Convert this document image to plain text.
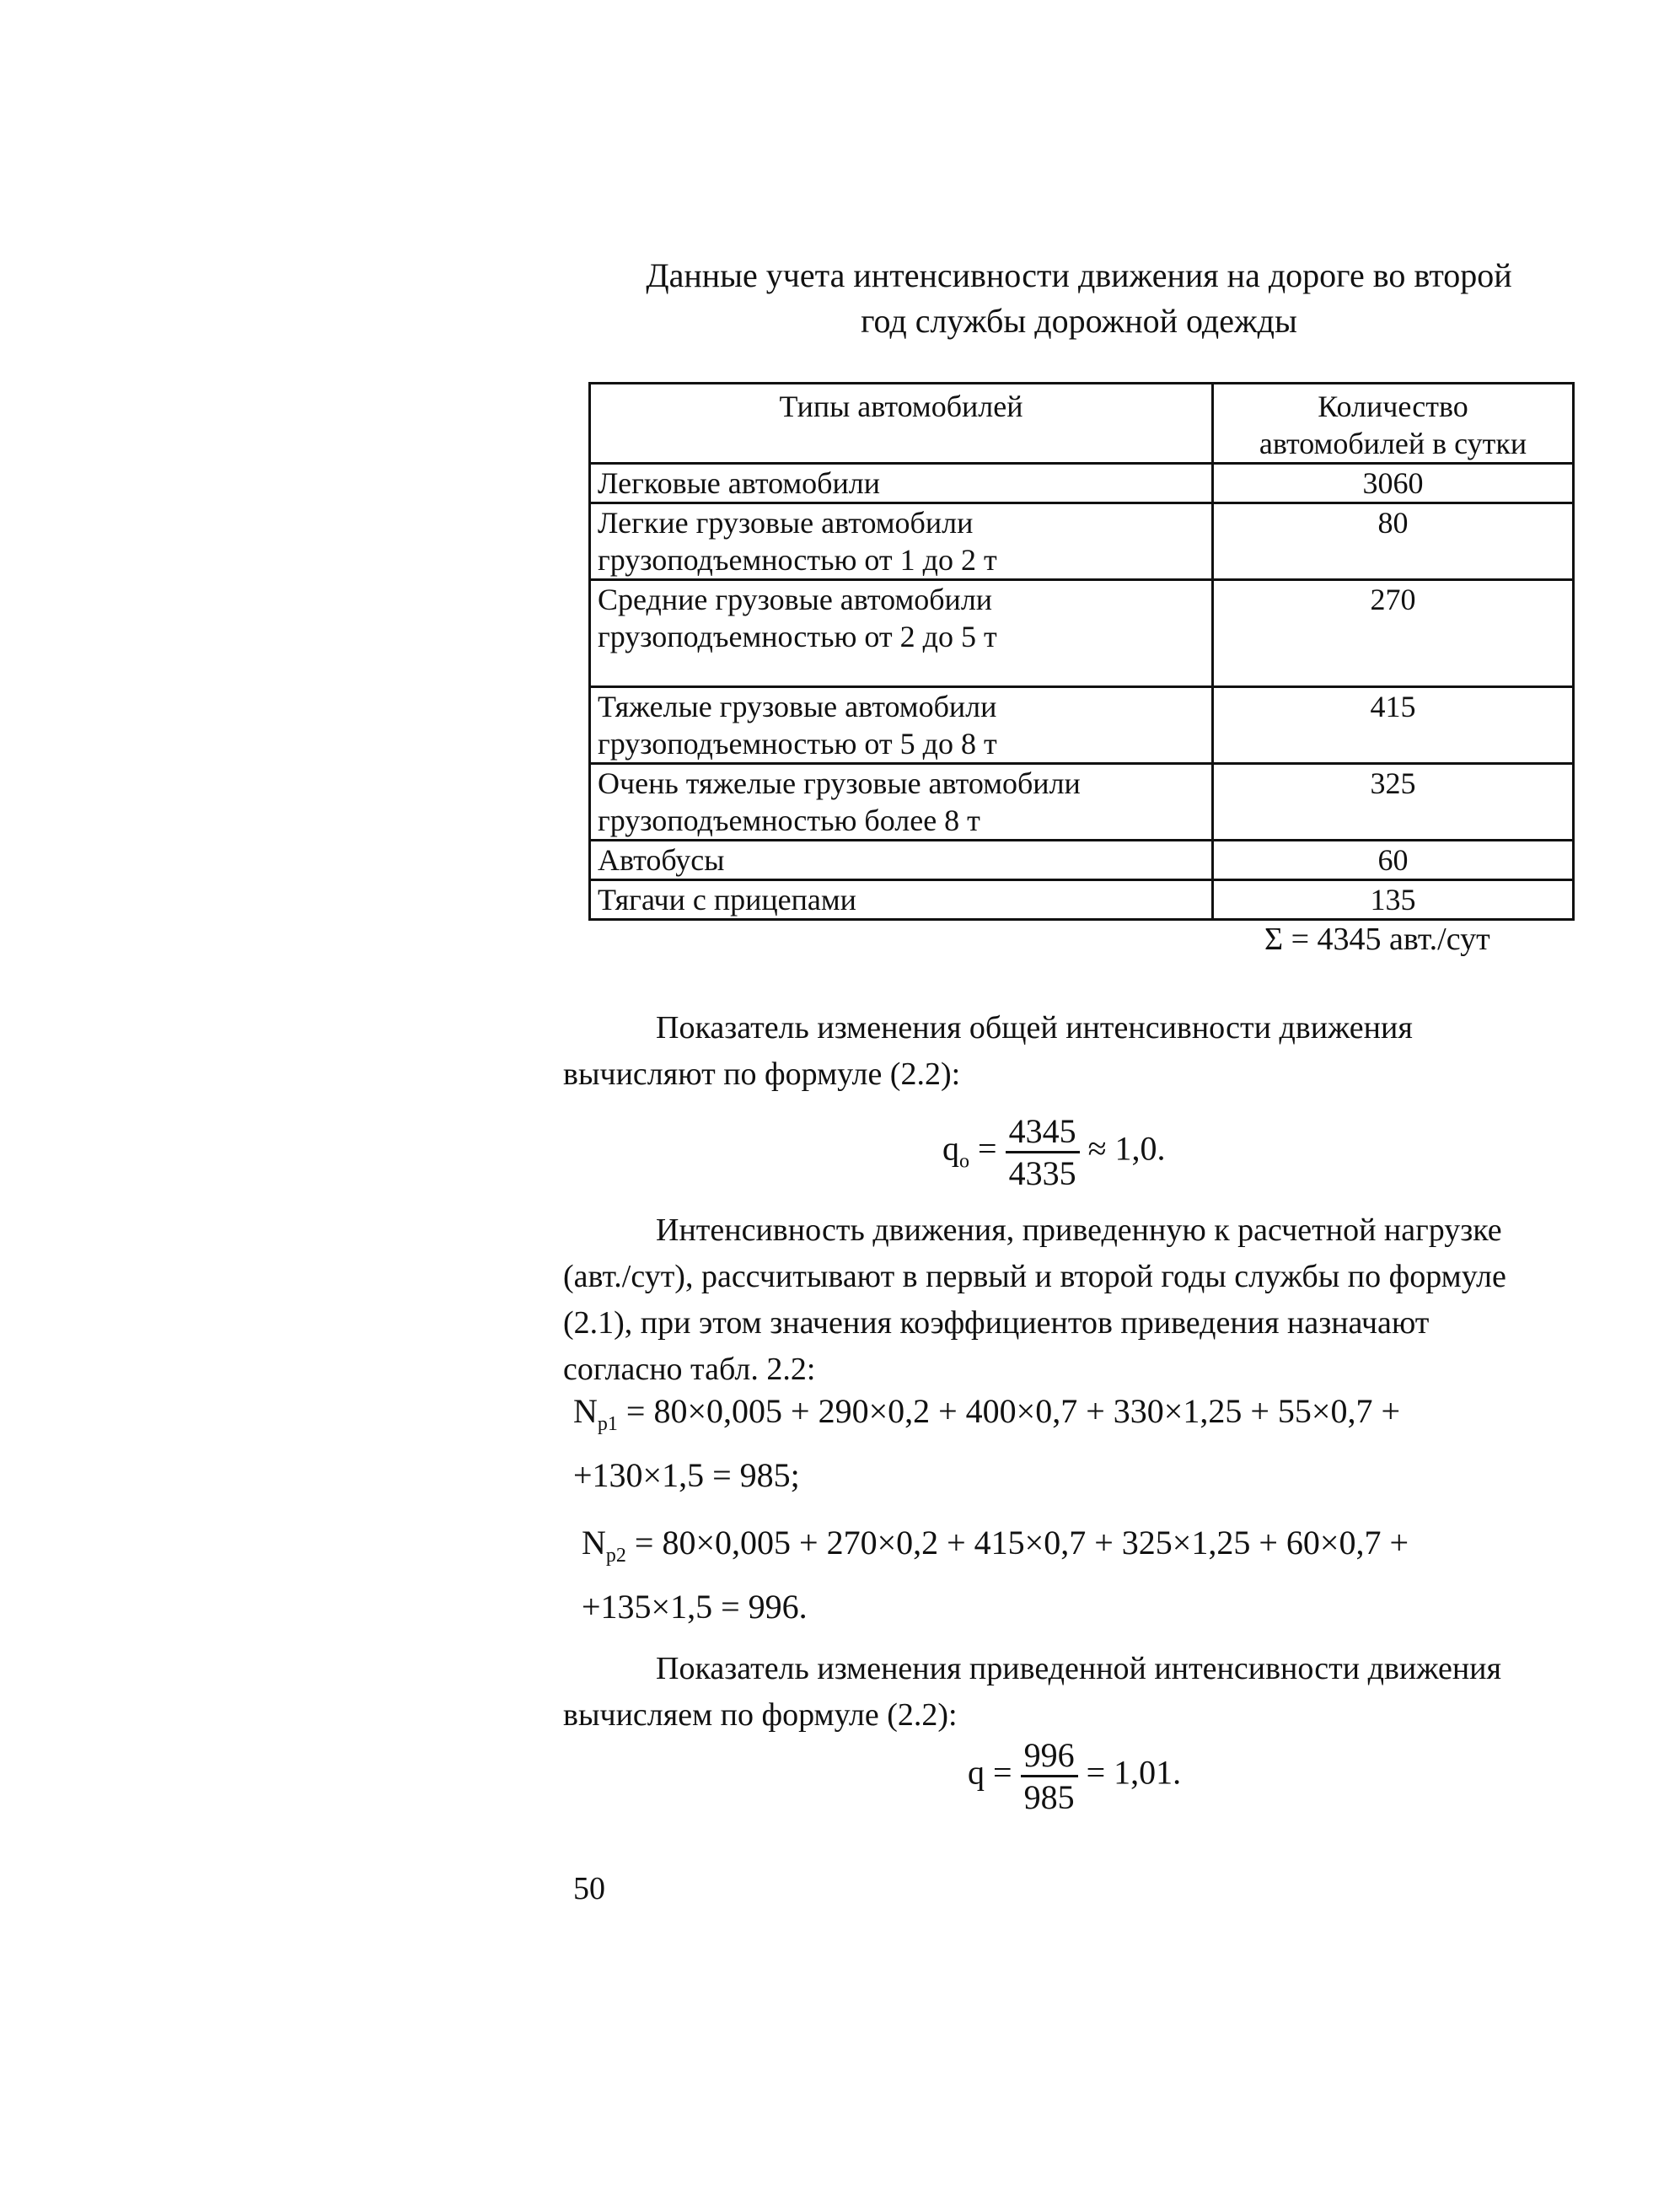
Данные учета интенсивности движения на дороге во второй
год службы дорожной одежды
Типы автомобилей	Количество
автомобилей в сутки

Легковые автомобили	3060

Легкие грузовые автомобили
грузоподъемностью от 1 до 2 т	80

Средние грузовые автомобили
грузоподъемностью от 2 до 5 т	270

Тяжелые грузовые автомобили
грузоподъемностью от 5 до 8 т	415

Очень тяжелые грузовые автомобили
грузоподъемностью более 8 т	325

Автобусы	60

Тягачи с прицепами	135
Σ = 4345 авт./сут
Показатель изменения общей интенсивности движения
вычисляют по формуле (2.2):
$q_o = \frac{4345}{4335} \approx 1,0$.
Интенсивность движения, приведенную к расчетной нагрузке
(авт./сут), рассчитывают в первый и второй годы службы по формуле
(2.1), при этом значения коэффициентов приведения назначают
согласно табл. 2.2:
$N_{p1} = 80\times 0,005 + 290\times 0,2 + 400\times 0,7 + 330\times 1,25 + 55\times 0,7$ +
+130×1,5 = 985;
$N_{p2} = 80\times 0,005 + 270\times 0,2 + 415\times 0,7 + 325\times 1,25 + 60\times 0,7$ +
+135×1,5 = 996.
Показатель изменения приведенной интенсивности движения
вычисляем по формуле (2.2):
$q = \frac{996}{985} = 1,01$.
50
